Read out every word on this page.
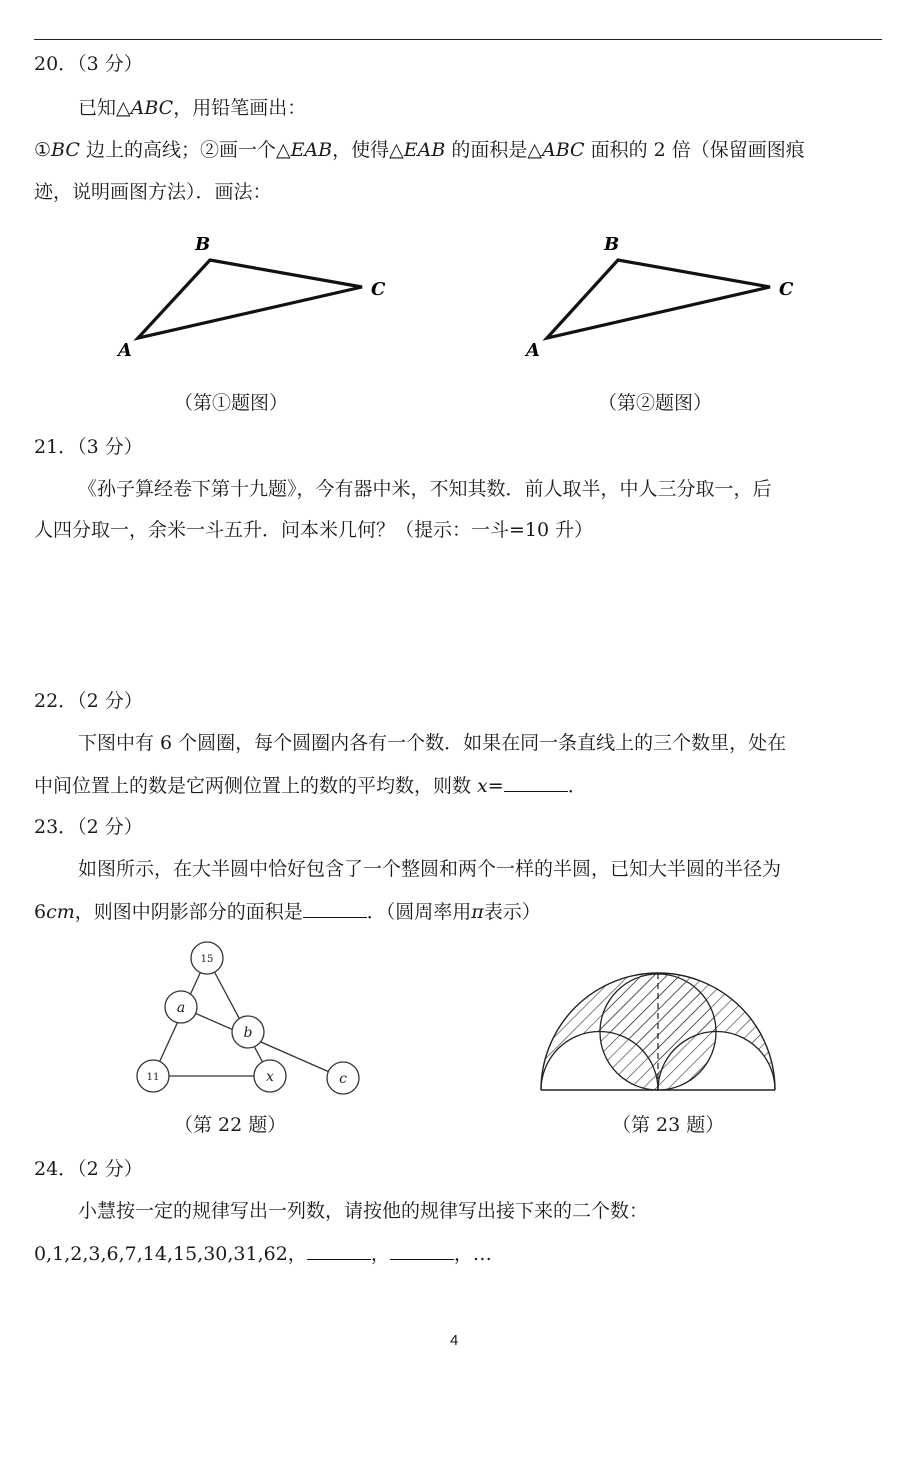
20．（3 分）
已知△ABC，用铅笔画出：
①BC 边上的高线；②画一个△EAB，使得△EAB 的面积是△ABC 面积的 2 倍（保留画图痕
迹，说明画图方法）．画法：
B
C
A
B
C
A
15
a
b
11	x	c
（第①题图）	（第②题图）
21．（3 分）
《孙子算经卷下第十九题》，今有器中米，不知其数．前人取半，中人三分取一，后
人四分取一，余米一斗五升．问本米几何？（提示：一斗=10 升）
22．（2 分）
下图中有 6 个圆圈，每个圆圈内各有一个数．如果在同一条直线上的三个数里，处在
中间位置上的数是它两侧位置上的数的平均数，则数 x=	．
23．（2 分）
如图所示，在大半圆中恰好包含了一个整圆和两个一样的半圆，已知大半圆的半径为
6cm，则图中阴影部分的面积是	．（圆周率用π表示）
（第 22 题）	（第 23 题）
24．（2 分）
小慧按一定的规律写出一列数，请按他的规律写出接下来的二个数：
0,1,2,3,6,7,14,15,30,31,62，	，	，…
4
